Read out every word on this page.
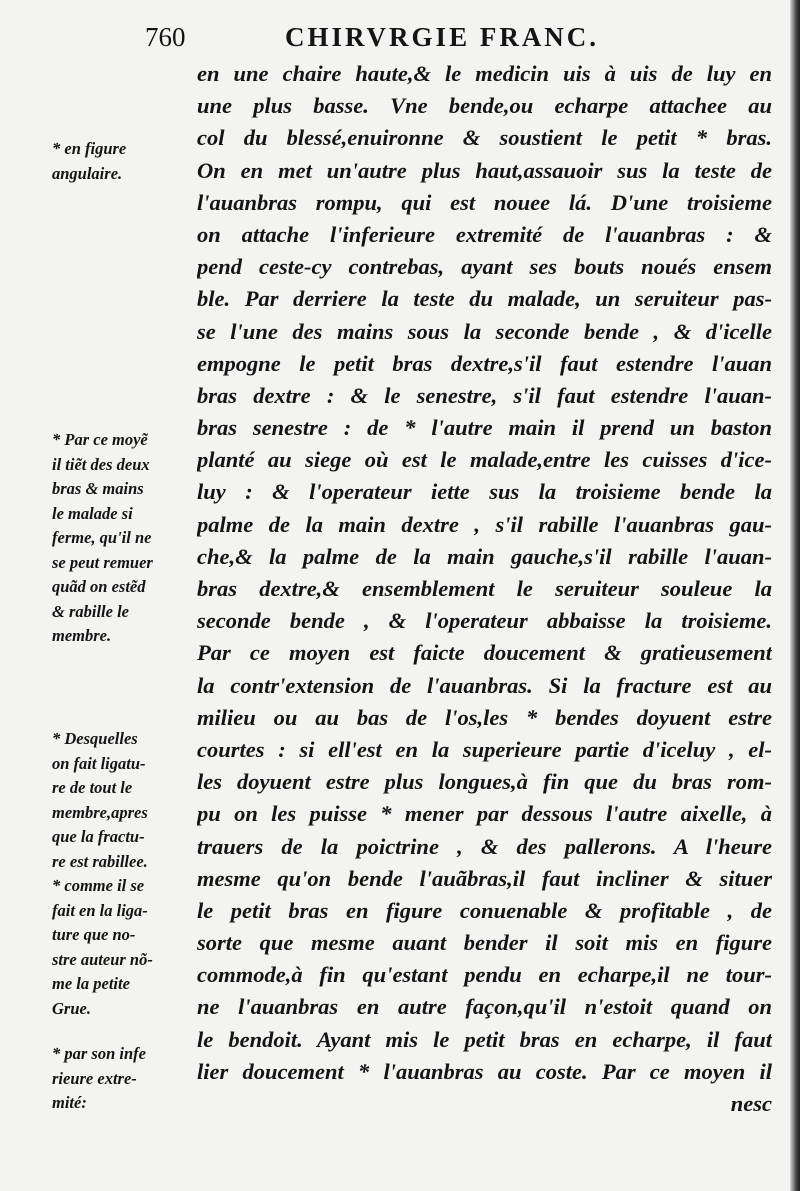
760	CHIRVRGIE FRANC.
en une chaire haute,& le medicin uis à uis de luy en
une plus basse. Vne bende,ou echarpe attachee au
col du blessé,enuironne & soustient le petit * bras.
On en met un'autre plus haut,assauoir sus la teste de
l'auanbras rompu, qui est nouee lá. D'une troisieme
on attache l'inferieure extremité de l'auanbras : &
pend ceste-cy contrebas, ayant ses bouts noués ensem
ble. Par derriere la teste du malade, un seruiteur pas-
se l'une des mains sous la seconde bende , & d'icelle
empogne le petit bras dextre,s'il faut estendre l'auan
bras dextre : & le senestre, s'il faut estendre l'auan-
bras senestre : de * l'autre main il prend un baston
planté au siege où est le malade,entre les cuisses d'ice-
luy : & l'operateur iette sus la troisieme bende la
palme de la main dextre , s'il rabille l'auanbras gau-
che,& la palme de la main gauche,s'il rabille l'auan-
bras dextre,& ensemblement le seruiteur souleue la
seconde bende , & l'operateur abbaisse la troisieme.
Par ce moyen est faicte doucement & gratieusement
la contr'extension de l'auanbras. Si la fracture est au
milieu ou au bas de l'os,les * bendes doyuent estre
courtes : si ell'est en la superieure partie d'iceluy , el-
les doyuent estre plus longues,à fin que du bras rom-
pu on les puisse * mener par dessous l'autre aixelle, à
trauers de la poictrine , & des pallerons. A l'heure
mesme qu'on bende l'auãbras,il faut incliner & situer
le petit bras en figure conuenable & profitable , de
sorte que mesme auant bender il soit mis en figure
commode,à fin qu'estant pendu en echarpe,il ne tour-
ne l'auanbras en autre façon,qu'il n'estoit quand on
le bendoit. Ayant mis le petit bras en echarpe, il faut
lier doucement * l'auanbras au coste. Par ce moyen il
nesc
* en figure
angulaire.
* Par ce moyẽ
il tiẽt des deux
bras & mains
le malade si
ferme, qu'il ne
se peut remuer
quãd on estẽd
& rabille le
membre.
* Desquelles
on fait ligatu-
re de tout le
membre,apres
que la fractu-
re est rabillee.
* comme il se
fait en la liga-
ture que no-
stre auteur nõ-
me la petite
Grue.
* par son infe
rieure extre-
mité:
